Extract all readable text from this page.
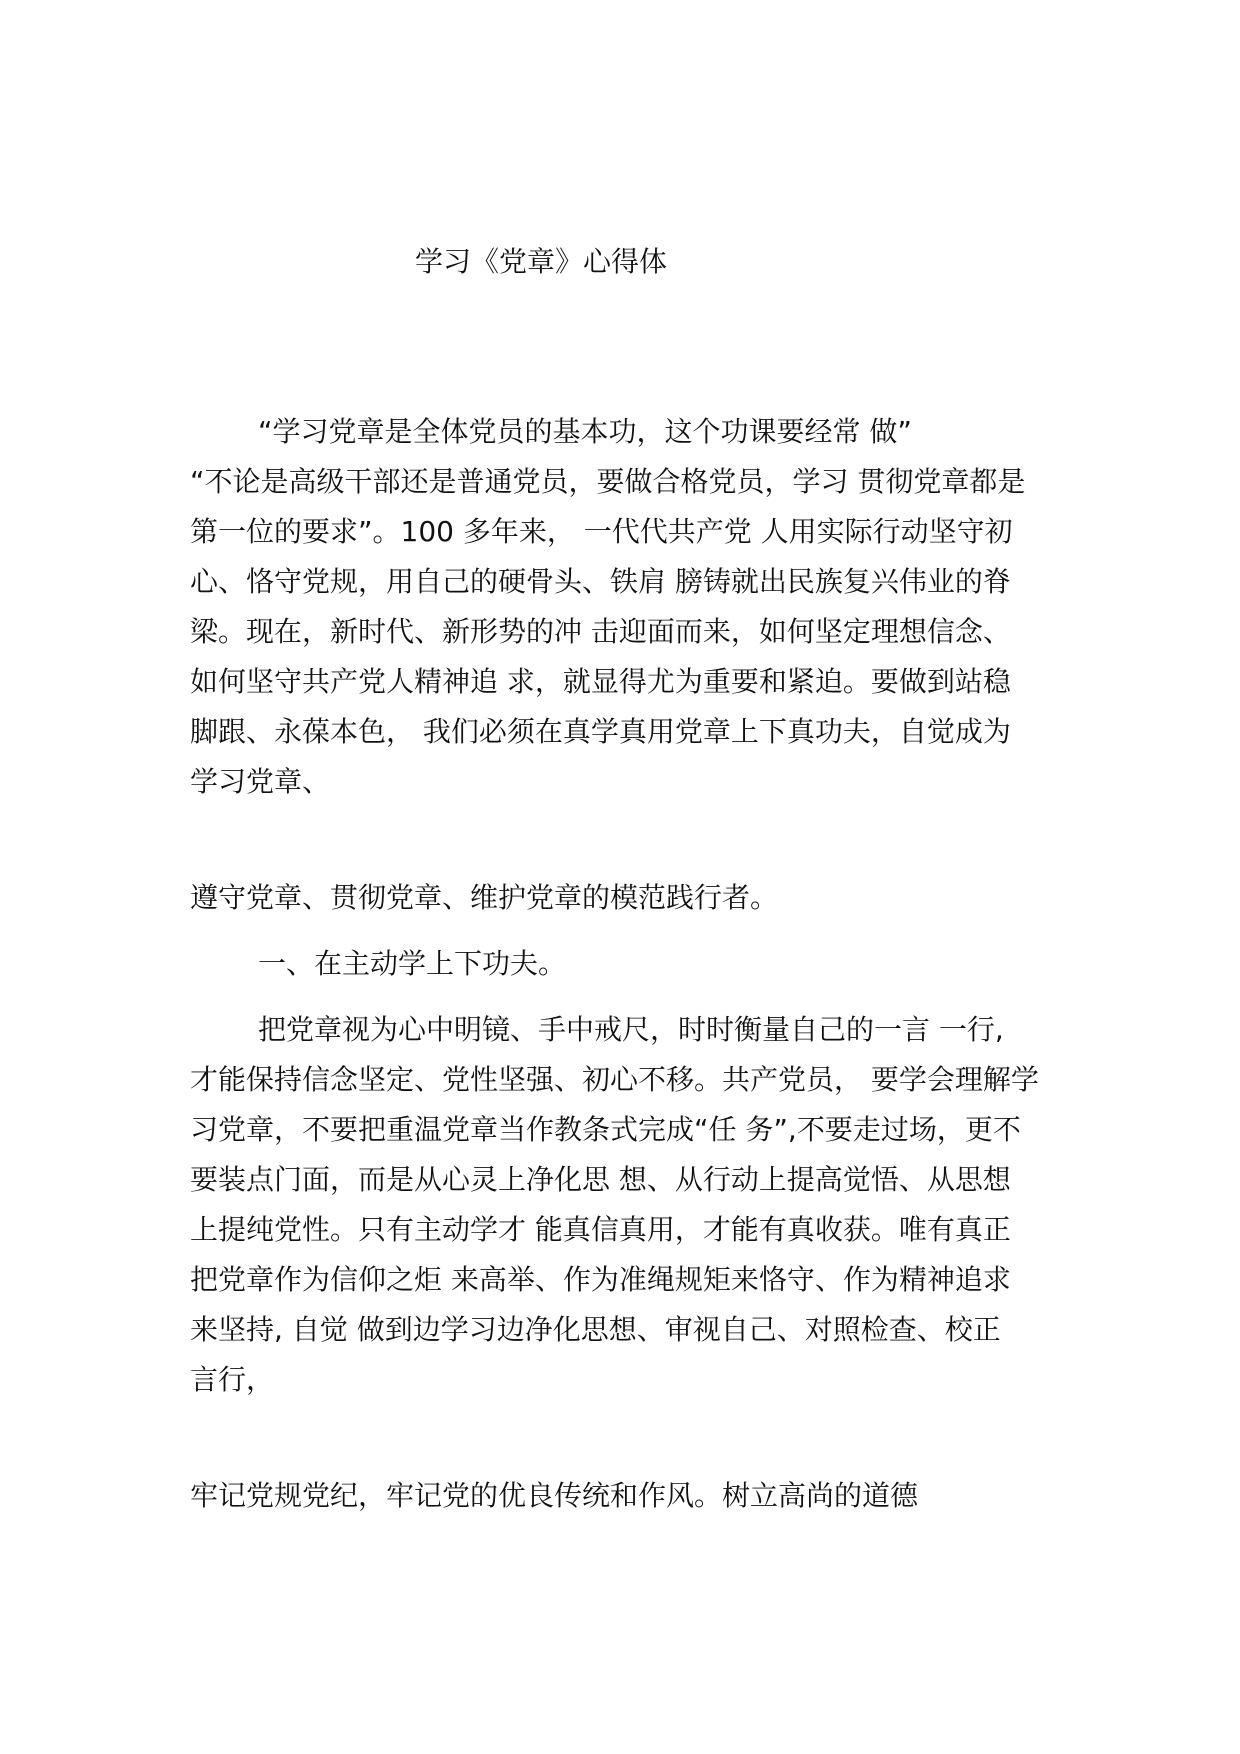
学习《党章》心得体
“学习党章是全体党员的基本功，这个功课要经常 做”
“不论是高级干部还是普通党员，要做合格党员，学习 贯彻党章都是
第一位的要求”。100 多年来， 一代代共产党 人用实际行动坚守初
心、恪守党规，用自己的硬骨头、铁肩 膀铸就出民族复兴伟业的脊
梁。现在，新时代、新形势的冲 击迎面而来，如何坚定理想信念、
如何坚守共产党人精神追 求，就显得尤为重要和紧迫。要做到站稳
脚跟、永葆本色， 我们必须在真学真用党章上下真功夫，自觉成为
学习党章、
遵守党章、贯彻党章、维护党章的模范践行者。
一、在主动学上下功夫。
把党章视为心中明镜、手中戒尺，时时衡量自己的一言 一行,
才能保持信念坚定、党性坚强、初心不移。共产党员， 要学会理解学
习党章，不要把重温党章当作教条式完成“任 务”,不要走过场，更不
要装点门面，而是从心灵上净化思 想、从行动上提高觉悟、从思想
上提纯党性。只有主动学才 能真信真用，才能有真收获。唯有真正
把党章作为信仰之炬 来高举、作为准绳规矩来恪守、作为精神追求
来坚持, 自觉 做到边学习边净化思想、审视自己、对照检查、校正
言行，
牢记党规党纪，牢记党的优良传统和作风。树立高尚的道德
